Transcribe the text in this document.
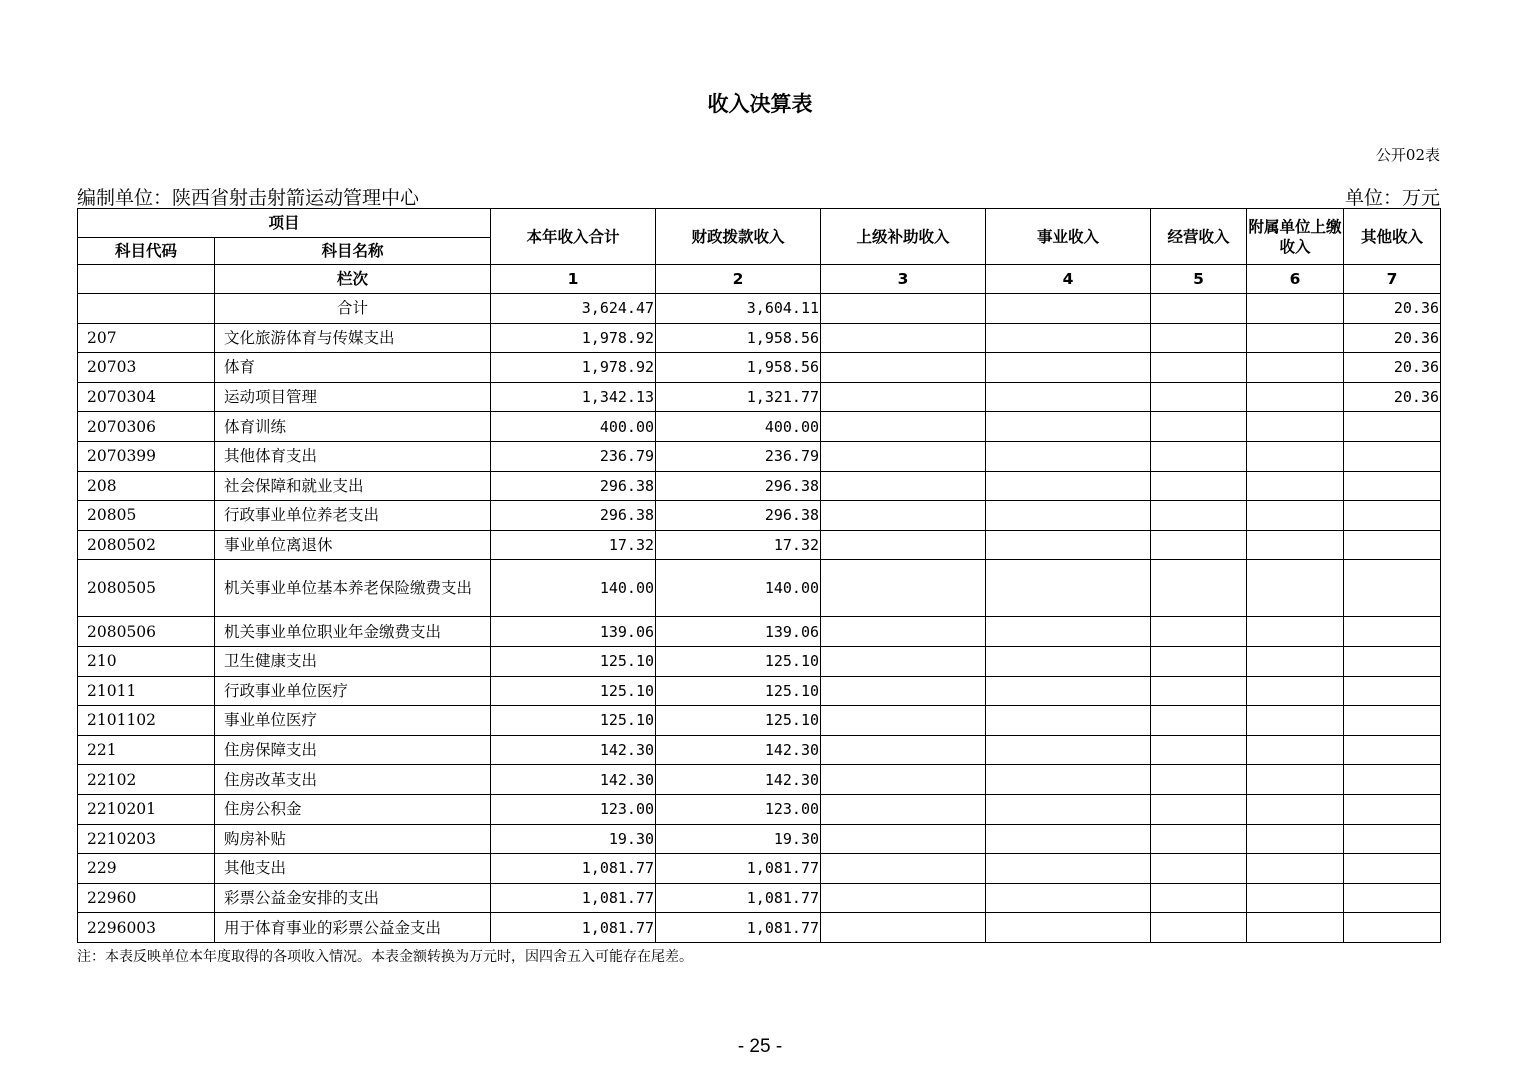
收入决算表
公开02表
编制单位：陕西省射击射箭运动管理中心	单位：万元
项目		本年收入合计	财政拨款收入	上级补助收入	事业收入	经营收入	附属单位上缴收入	其他收入
科目代码	科目名称							
	栏次	1	2	3	4	5	6	7
	合计	3,624.47	3,604.11					20.36
207	文化旅游体育与传媒支出	1,978.92	1,958.56					20.36
20703	体育	1,978.92	1,958.56					20.36
2070304	运动项目管理	1,342.13	1,321.77					20.36
2070306	体育训练	400.00	400.00					
2070399	其他体育支出	236.79	236.79					
208	社会保障和就业支出	296.38	296.38					
20805	行政事业单位养老支出	296.38	296.38					
2080502	事业单位离退休	17.32	17.32					
2080505	机关事业单位基本养老保险缴费支出	140.00	140.00					
2080506	机关事业单位职业年金缴费支出	139.06	139.06					
210	卫生健康支出	125.10	125.10					
21011	行政事业单位医疗	125.10	125.10					
2101102	事业单位医疗	125.10	125.10					
221	住房保障支出	142.30	142.30					
22102	住房改革支出	142.30	142.30					
2210201	住房公积金	123.00	123.00					
2210203	购房补贴	19.30	19.30					
229	其他支出	1,081.77	1,081.77					
22960	彩票公益金安排的支出	1,081.77	1,081.77					
2296003	用于体育事业的彩票公益金支出	1,081.77	1,081.77					
注：本表反映单位本年度取得的各项收入情况。本表金额转换为万元时，因四舍五入可能存在尾差。
- 25 -
